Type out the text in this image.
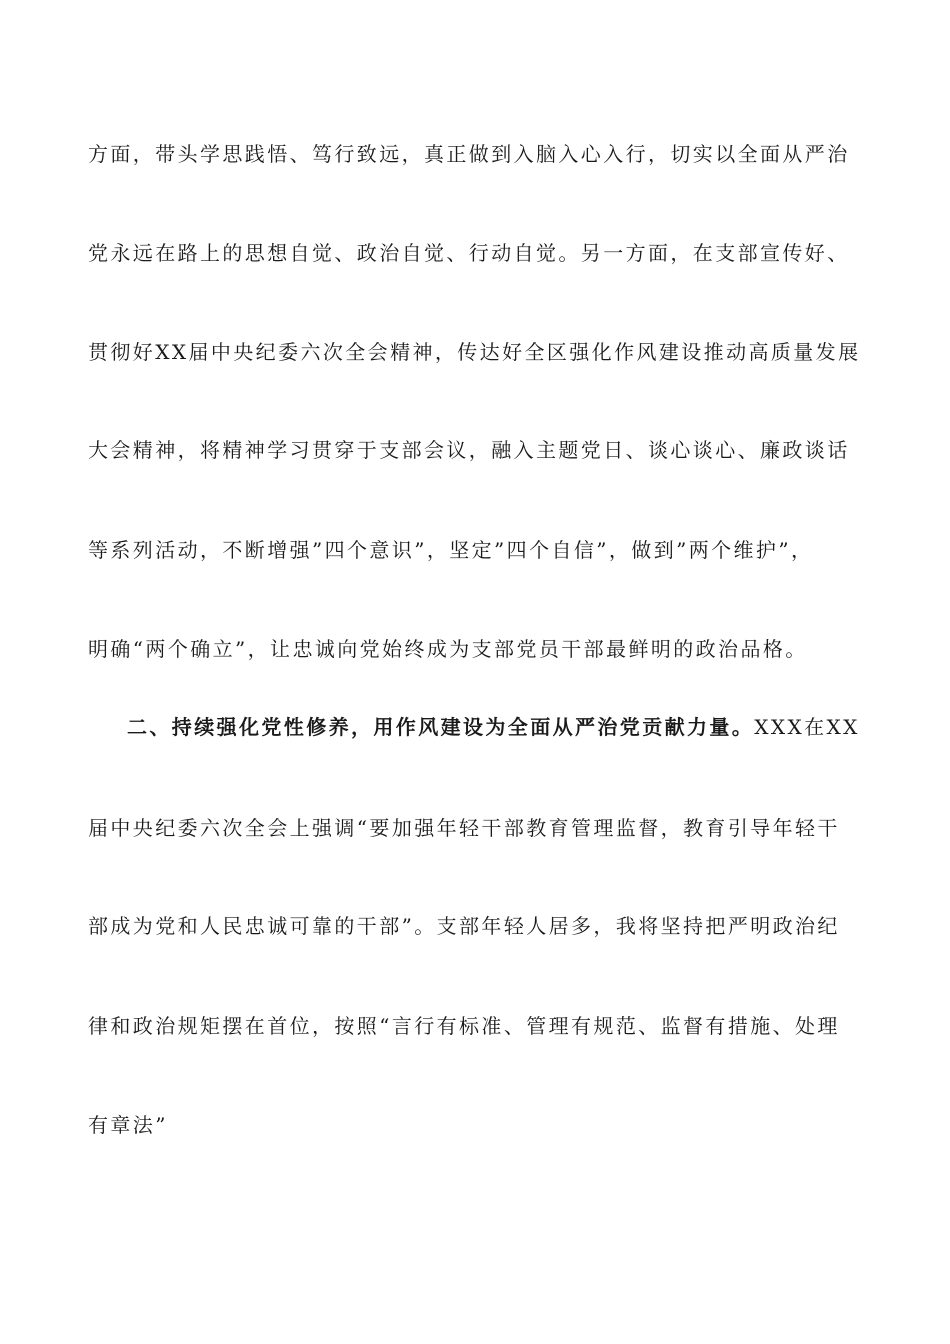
方面，带头学思践悟、笃行致远，真正做到入脑入心入行，切实以全面从严治
党永远在路上的思想自觉、政治自觉、行动自觉。另一方面，在支部宣传好、
贯彻好XX届中央纪委六次全会精神，传达好全区强化作风建设推动高质量发展
大会精神，将精神学习贯穿于支部会议，融入主题党日、谈心谈心、廉政谈话
等系列活动，不断增强”四个意识”，坚定”四个自信”，做到”两个维护”，
明确“两个确立”，让忠诚向党始终成为支部党员干部最鲜明的政治品格。
二、持续强化党性修养，用作风建设为全面从严治党贡献力量。XXX在XX
届中央纪委六次全会上强调“要加强年轻干部教育管理监督，教育引导年轻干
部成为党和人民忠诚可靠的干部”。支部年轻人居多，我将坚持把严明政治纪
律和政治规矩摆在首位，按照“言行有标准、管理有规范、监督有措施、处理
有章法”
